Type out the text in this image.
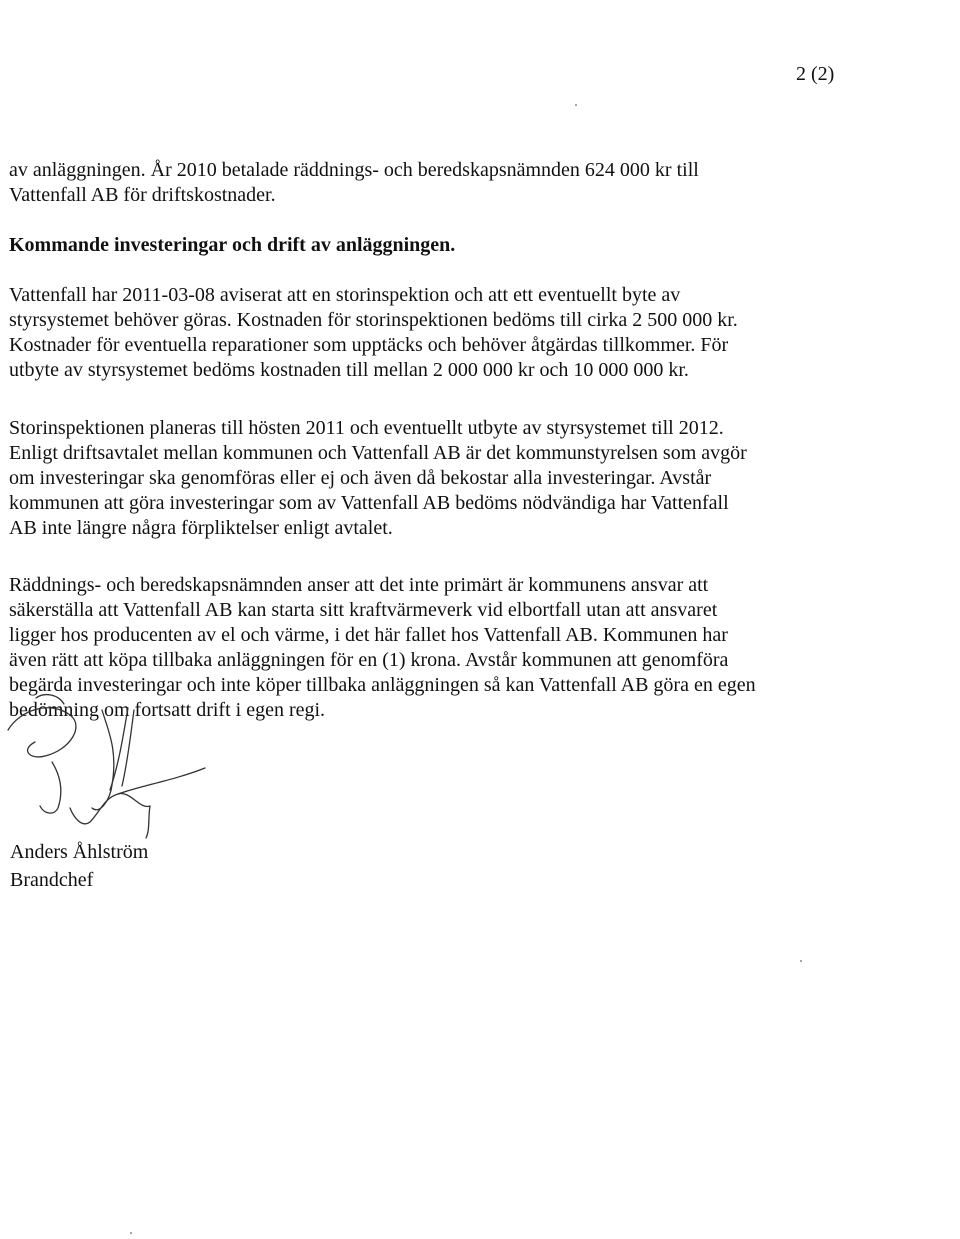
2 (2)

av anläggningen. År 2010 betalade räddnings- och beredskapsnämnden 624 000 kr till
Vattenfall AB för driftskostnader.

Kommande investeringar och drift av anläggningen.

Vattenfall har 2011-03-08 aviserat att en storinspektion och att ett eventuellt byte av
styrsystemet behöver göras. Kostnaden för storinspektionen bedöms till cirka 2 500 000 kr.
Kostnader för eventuella reparationer som upptäcks och behöver åtgärdas tillkommer. För
utbyte av styrsystemet bedöms kostnaden till mellan 2 000 000 kr och 10 000 000 kr.

Storinspektionen planeras till hösten 2011 och eventuellt utbyte av styrsystemet till 2012.
Enligt driftsavtalet mellan kommunen och Vattenfall AB är det kommunstyrelsen som avgör
om investeringar ska genomföras eller ej och även då bekostar alla investeringar. Avstår
kommunen att göra investeringar som av Vattenfall AB bedöms nödvändiga har Vattenfall
AB inte längre några förpliktelser enligt avtalet.

Räddnings- och beredskapsnämnden anser att det inte primärt är kommunens ansvar att
säkerställa att Vattenfall AB kan starta sitt kraftvärmeverk vid elbortfall utan att ansvaret
ligger hos producenten av el och värme, i det här fallet hos Vattenfall AB. Kommunen har
även rätt att köpa tillbaka anläggningen för en (1) krona. Avstår kommunen att genomföra
begärda investeringar och inte köper tillbaka anläggningen så kan Vattenfall AB göra en egen
bedömning om fortsatt drift i egen regi.

Anders Åhlström
Brandchef
